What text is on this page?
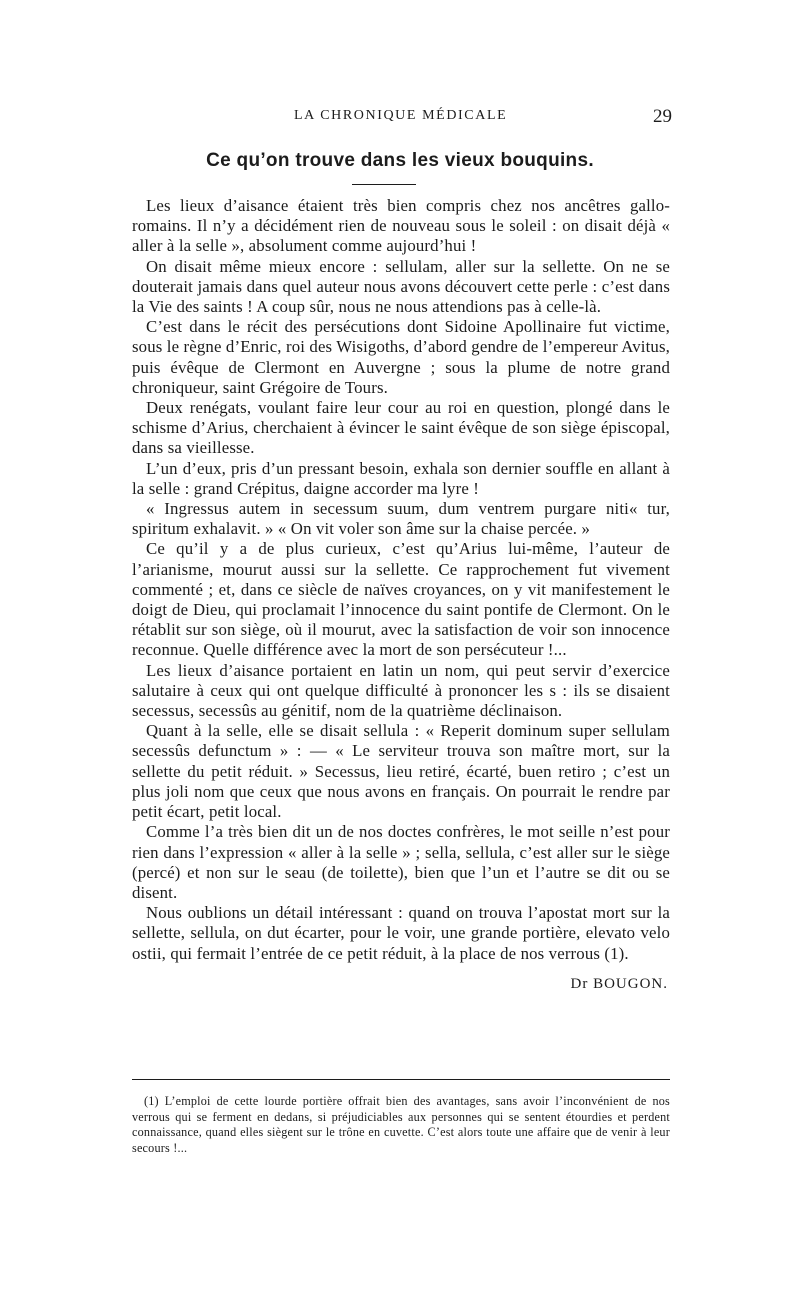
LA CHRONIQUE MÉDICALE	29
Ce qu’on trouve dans les vieux bouquins.

Les lieux d’aisance étaient très bien compris chez nos ancêtres gallo-romains. Il n’y a décidément rien de nouveau sous le soleil : on disait déjà « aller à la selle », absolument comme aujourd’hui !

On disait même mieux encore : sellulam, aller sur la sellette. On ne se douterait jamais dans quel auteur nous avons découvert cette perle : c’est dans la Vie des saints ! A coup sûr, nous ne nous attendions pas à celle-là.

C’est dans le récit des persécutions dont Sidoine Apollinaire fut victime, sous le règne d’Enric, roi des Wisigoths, d’abord gendre de l’empereur Avitus, puis évêque de Clermont en Auvergne ; sous la plume de notre grand chroniqueur, saint Grégoire de Tours.

Deux renégats, voulant faire leur cour au roi en question, plongé dans le schisme d’Arius, cherchaient à évincer le saint évêque de son siège épiscopal, dans sa vieillesse.

L’un d’eux, pris d’un pressant besoin, exhala son dernier souffle en allant à la selle : grand Crépitus, daigne accorder ma lyre !

« Ingressus autem in secessum suum, dum ventrem purgare niti« tur, spiritum exhalavit. » « On vit voler son âme sur la chaise percée. »

Ce qu’il y a de plus curieux, c’est qu’Arius lui-même, l’auteur de l’arianisme, mourut aussi sur la sellette. Ce rapprochement fut vivement commenté ; et, dans ce siècle de naïves croyances, on y vit manifestement le doigt de Dieu, qui proclamait l’innocence du saint pontife de Clermont. On le rétablit sur son siège, où il mourut, avec la satisfaction de voir son innocence reconnue. Quelle différence avec la mort de son persécuteur !...

Les lieux d’aisance portaient en latin un nom, qui peut servir d’exercice salutaire à ceux qui ont quelque difficulté à prononcer les s : ils se disaient secessus, secessûs au génitif, nom de la quatrième déclinaison.

Quant à la selle, elle se disait sellula : « Reperit dominum super sellulam secessûs defunctum » : — « Le serviteur trouva son maître mort, sur la sellette du petit réduit. » Secessus, lieu retiré, écarté, buen retiro ; c’est un plus joli nom que ceux que nous avons en français. On pourrait le rendre par petit écart, petit local.

Comme l’a très bien dit un de nos doctes confrères, le mot seille n’est pour rien dans l’expression « aller à la selle » ; sella, sellula, c’est aller sur le siège (percé) et non sur le seau (de toilette), bien que l’un et l’autre se dit ou se disent.

Nous oublions un détail intéressant : quand on trouva l’apostat mort sur la sellette, sellula, on dut écarter, pour le voir, une grande portière, elevato velo ostii, qui fermait l’entrée de ce petit réduit, à la place de nos verrous (1).

Dr BOUGON.

(1) L’emploi de cette lourde portière offrait bien des avantages, sans avoir l’inconvénient de nos verrous qui se ferment en dedans, si préjudiciables aux personnes qui se sentent étourdies et perdent connaissance, quand elles siègent sur le trône en cuvette. C’est alors toute une affaire que de venir à leur secours !...
